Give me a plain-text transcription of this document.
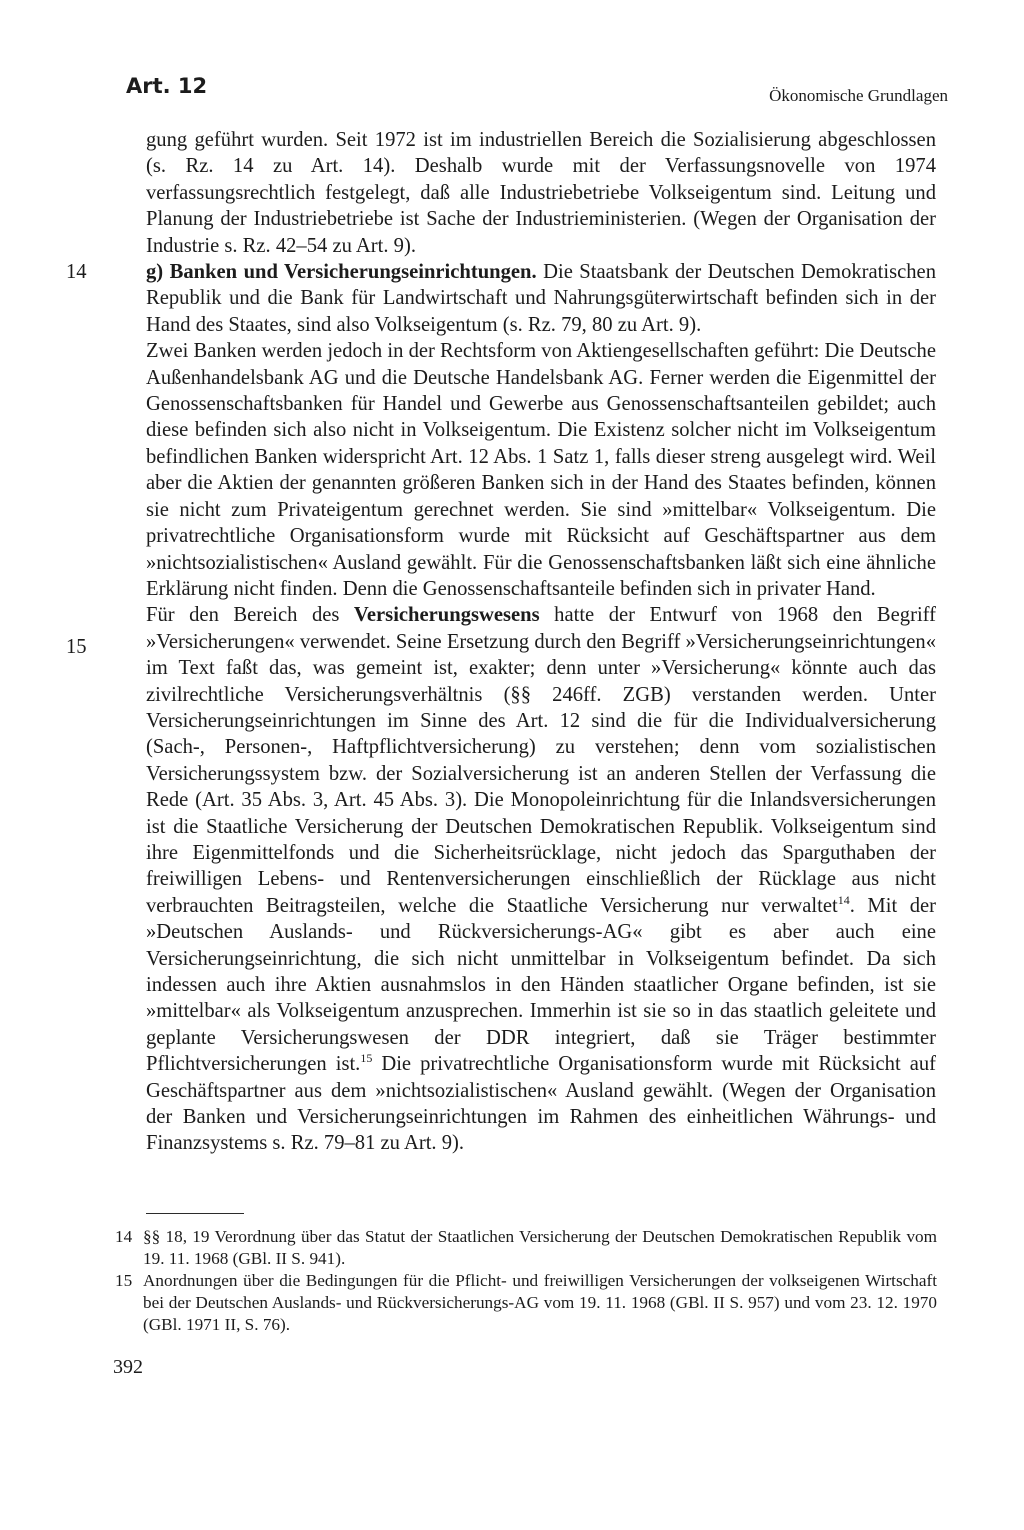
Art. 12	Ökonomische Grundlagen
14
15

gung geführt wurden. Seit 1972 ist im industriellen Bereich die Sozialisierung abgeschlossen (s. Rz. 14 zu Art. 14). Deshalb wurde mit der Verfassungsnovelle von 1974 verfassungsrechtlich festgelegt, daß alle Industriebetriebe Volkseigentum sind. Leitung und Planung der Industriebetriebe ist Sache der Industrieministerien. (Wegen der Organisation der Industrie s. Rz. 42–54 zu Art. 9).

g) Banken und Versicherungseinrichtungen. Die Staatsbank der Deutschen Demokratischen Republik und die Bank für Landwirtschaft und Nahrungsgüterwirtschaft befinden sich in der Hand des Staates, sind also Volkseigentum (s. Rz. 79, 80 zu Art. 9).

Zwei Banken werden jedoch in der Rechtsform von Aktiengesellschaften geführt: Die Deutsche Außenhandelsbank AG und die Deutsche Handelsbank AG. Ferner werden die Eigenmittel der Genossenschaftsbanken für Handel und Gewerbe aus Genossenschaftsanteilen gebildet; auch diese befinden sich also nicht in Volkseigentum. Die Existenz solcher nicht im Volkseigentum befindlichen Banken widerspricht Art. 12 Abs. 1 Satz 1, falls dieser streng ausgelegt wird. Weil aber die Aktien der genannten größeren Banken sich in der Hand des Staates befinden, können sie nicht zum Privateigentum gerechnet werden. Sie sind »mittelbar« Volkseigentum. Die privatrechtliche Organisationsform wurde mit Rücksicht auf Geschäftspartner aus dem »nichtsozialistischen« Ausland gewählt. Für die Genossenschaftsbanken läßt sich eine ähnliche Erklärung nicht finden. Denn die Genossenschaftsanteile befinden sich in privater Hand.

Für den Bereich des Versicherungswesens hatte der Entwurf von 1968 den Begriff »Versicherungen« verwendet. Seine Ersetzung durch den Begriff »Versicherungseinrichtungen« im Text faßt das, was gemeint ist, exakter; denn unter »Versicherung« könnte auch das zivilrechtliche Versicherungsverhältnis (§§ 246ff. ZGB) verstanden werden. Unter Versicherungseinrichtungen im Sinne des Art. 12 sind die für die Individualversicherung (Sach-, Personen-, Haftpflichtversicherung) zu verstehen; denn vom sozialistischen Versicherungssystem bzw. der Sozialversicherung ist an anderen Stellen der Verfassung die Rede (Art. 35 Abs. 3, Art. 45 Abs. 3). Die Monopoleinrichtung für die Inlandsversicherungen ist die Staatliche Versicherung der Deutschen Demokratischen Republik. Volkseigentum sind ihre Eigenmittelfonds und die Sicherheitsrücklage, nicht jedoch das Sparguthaben der freiwilligen Lebens- und Rentenversicherungen einschließlich der Rücklage aus nicht verbrauchten Beitragsteilen, welche die Staatliche Versicherung nur verwaltet$^{14}$. Mit der »Deutschen Auslands- und Rückversicherungs-AG« gibt es aber auch eine Versicherungseinrichtung, die sich nicht unmittelbar in Volkseigentum befindet. Da sich indessen auch ihre Aktien ausnahmslos in den Händen staatlicher Organe befinden, ist sie »mittelbar« als Volkseigentum anzusprechen. Immerhin ist sie so in das staatlich geleitete und geplante Versicherungswesen der DDR integriert, daß sie Träger bestimmter Pflichtversicherungen ist.$^{15}$ Die privatrechtliche Organisationsform wurde mit Rücksicht auf Geschäftspartner aus dem »nichtsozialistischen« Ausland gewählt. (Wegen der Organisation der Banken und Versicherungseinrichtungen im Rahmen des einheitlichen Währungs- und Finanzsystems s. Rz. 79–81 zu Art. 9).

14 §§ 18, 19 Verordnung über das Statut der Staatlichen Versicherung der Deutschen Demokratischen Republik vom 19. 11. 1968 (GBl. II S. 941).
15 Anordnungen über die Bedingungen für die Pflicht- und freiwilligen Versicherungen der volkseigenen Wirtschaft bei der Deutschen Auslands- und Rückversicherungs-AG vom 19. 11. 1968 (GBl. II S. 957) und vom 23. 12. 1970 (GBl. 1971 II, S. 76).
392
